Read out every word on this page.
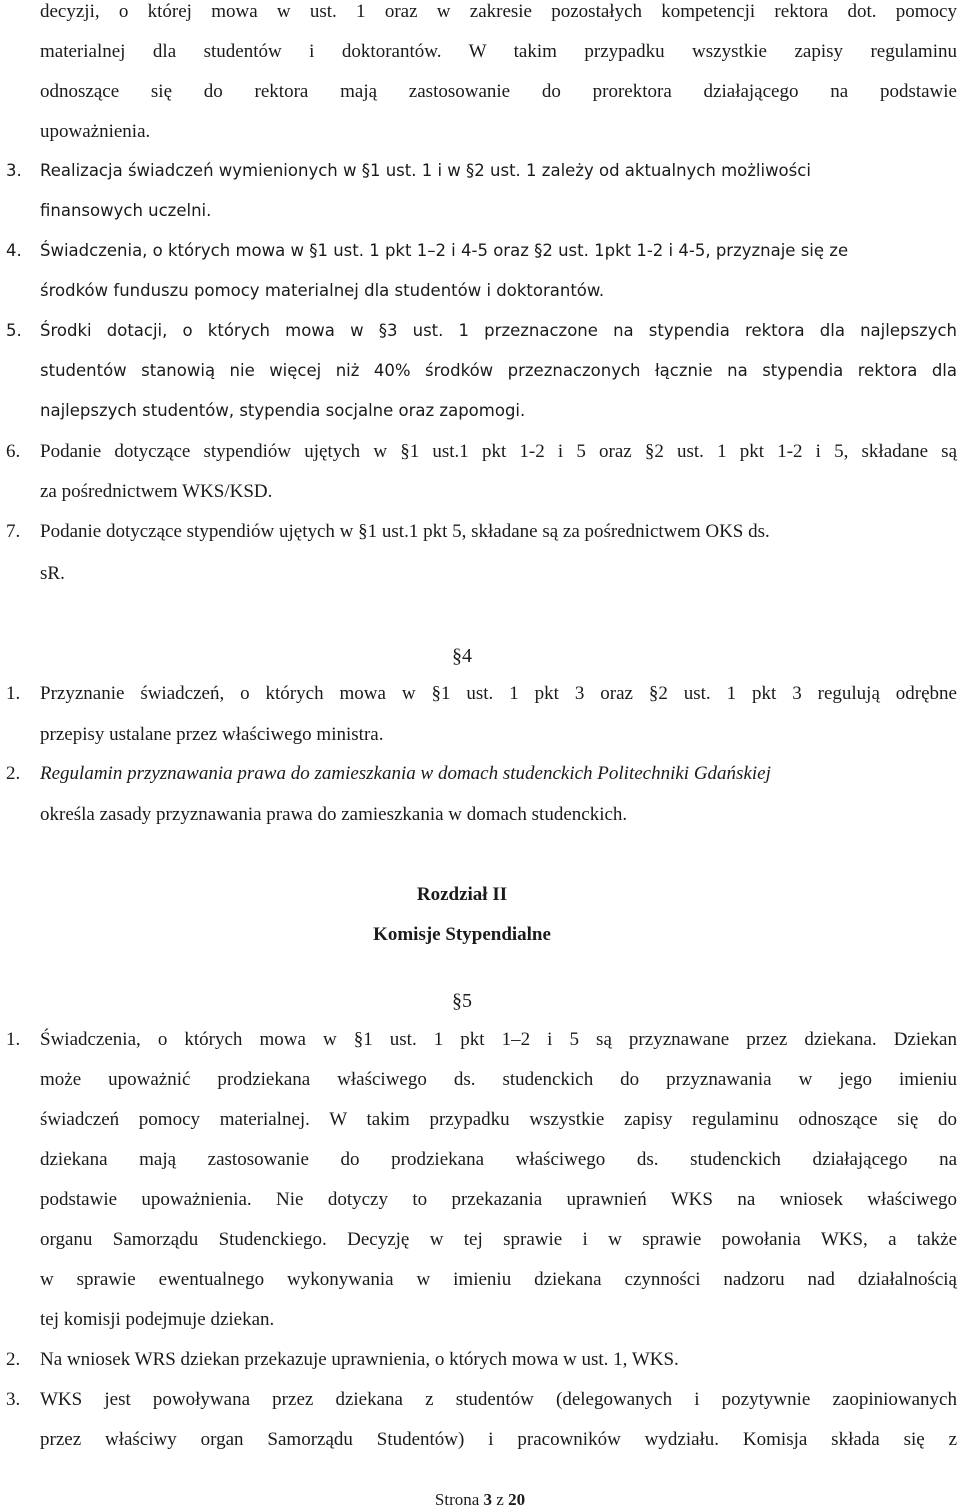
decyzji, o której mowa w ust. 1 oraz w zakresie pozostałych kompetencji rektora dot. pomocy
materialnej dla studentów i doktorantów. W takim przypadku wszystkie zapisy regulaminu
odnoszące się do rektora mają zastosowanie do prorektora działającego na podstawie
upoważnienia.
3. Realizacja świadczeń wymienionych w §1 ust. 1 i w §2 ust. 1 zależy od aktualnych możliwości
finansowych uczelni.
4. Świadczenia, o których mowa w §1 ust. 1 pkt 1–2 i 4-5 oraz §2 ust. 1pkt 1-2 i 4-5, przyznaje się ze
środków funduszu pomocy materialnej dla studentów i doktorantów.
5. Środki dotacji, o których mowa w §3 ust. 1 przeznaczone na stypendia rektora dla najlepszych
studentów stanowią nie więcej niż 40% środków przeznaczonych łącznie na stypendia rektora dla
najlepszych studentów, stypendia socjalne oraz zapomogi.
6. Podanie dotyczące stypendiów ujętych w §1 ust.1 pkt 1-2 i 5 oraz §2 ust. 1 pkt 1-2 i 5, składane są
za pośrednictwem WKS/KSD.
7. Podanie dotyczące stypendiów ujętych w §1 ust.1 pkt 5, składane są za pośrednictwem OKS ds.
sR.
§4
1. Przyznanie świadczeń, o których mowa w §1 ust. 1 pkt 3 oraz §2 ust. 1 pkt 3 regulują odrębne
przepisy ustalane przez właściwego ministra.
2. Regulamin przyznawania prawa do zamieszkania w domach studenckich Politechniki Gdańskiej
określa zasady przyznawania prawa do zamieszkania w domach studenckich.
Rozdział II
Komisje Stypendialne
§5
1. Świadczenia, o których mowa w §1 ust. 1 pkt 1–2 i 5 są przyznawane przez dziekana. Dziekan
może upoważnić prodziekana właściwego ds. studenckich do przyznawania w jego imieniu
świadczeń pomocy materialnej. W takim przypadku wszystkie zapisy regulaminu odnoszące się do
dziekana mają zastosowanie do prodziekana właściwego ds. studenckich działającego na
podstawie upoważnienia. Nie dotyczy to przekazania uprawnień WKS na wniosek właściwego
organu Samorządu Studenckiego. Decyzję w tej sprawie i w sprawie powołania WKS, a także
w sprawie ewentualnego wykonywania w imieniu dziekana czynności nadzoru nad działalnością
tej komisji podejmuje dziekan.
2. Na wniosek WRS dziekan przekazuje uprawnienia, o których mowa w ust. 1, WKS.
3. WKS jest powoływana przez dziekana z studentów (delegowanych i pozytywnie zaopiniowanych
przez właściwy organ Samorządu Studentów) i pracowników wydziału. Komisja składa się z
Strona 3 z 20
